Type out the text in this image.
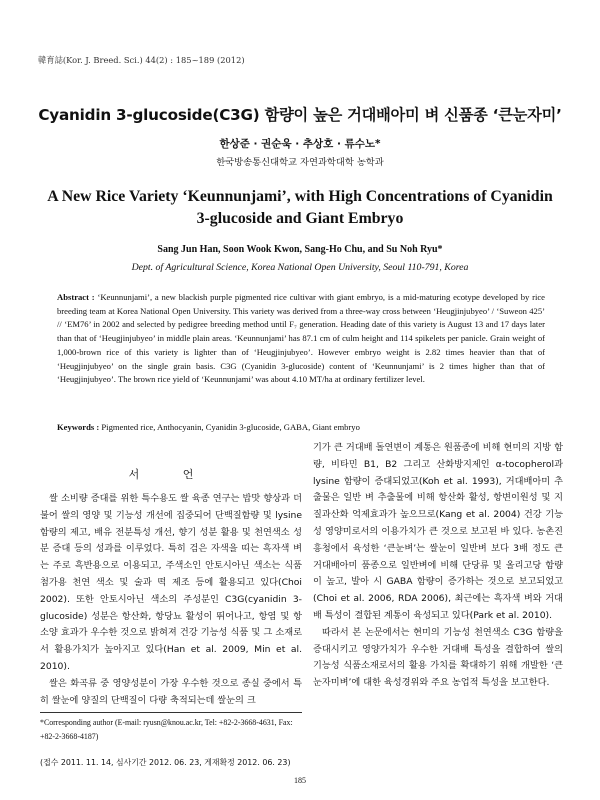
韓育誌(Kor. J. Breed. Sci.) 44(2) : 185~189 (2012)
Cyanidin 3-glucoside(C3G) 함량이 높은 거대배아미 벼 신품종 ‘큰눈자미’
한상준 · 권순욱 · 추상호 · 류수노*
한국방송통신대학교 자연과학대학 농학과
A New Rice Variety ‘Keunnunjami’, with High Concentrations of Cyanidin 3-glucoside and Giant Embryo
Sang Jun Han, Soon Wook Kwon, Sang-Ho Chu, and Su Noh Ryu*
Dept. of Agricultural Science, Korea National Open University, Seoul 110-791, Korea
Abstract : ‘Keunnunjami’, a new blackish purple pigmented rice cultivar with giant embryo, is a mid-maturing ecotype developed by rice breeding team at Korea National Open University. This variety was derived from a three-way cross between ‘Heugjinjubyeo’ / ‘Suweon 425’ // ‘EM76’ in 2002 and selected by pedigree breeding method until F₇ generation. Heading date of this variety is August 13 and 17 days later than that of ‘Heugjinjubyeo’ in middle plain areas. ‘Keunnunjami’ has 87.1 cm of culm height and 114 spikelets per panicle. Grain weight of 1,000-brown rice of this variety is lighter than of ‘Heugjinjubyeo’. However embryo weight is 2.82 times heavier than that of ‘Heugjinjubyeo’ on the single grain basis. C3G (Cyanidin 3-glucoside) content of ‘Keunnunjami’ is 2 times higher than that of ‘Heugjinjubyeo’. The brown rice yield of ‘Keunnunjami’ was about 4.10 MT/ha at ordinary fertilizer level.
Keywords : Pigmented rice, Anthocyanin, Cyanidin 3-glucoside, GABA, Giant embryo
서 언

쌀 소비량 증대를 위한 특수용도 쌀 육종 연구는 밥맛 향상과 더불어 쌀의 영양 및 기능성 개선에 집중되어 단백질함량 및 lysine 함량의 제고, 배유 전분특성 개선, 향기 성분 활용 및 천연색소 성분 증대 등의 성과를 이루었다. 특히 검은 자색을 띠는 흑자색 벼는 주로 흑반용으로 이용되고, 주색소인 안토시아닌 색소는 식품 첨가용 천연 색소 및 술과 떡 제조 등에 활용되고 있다(Choi 2002). 또한 안토시아닌 색소의 주성분인 C3G(cyanidin 3-glucoside) 성분은 항산화, 항당뇨 활성이 뛰어나고, 항염 및 항소양 효과가 우수한 것으로 밝혀져 건강 기능성 식품 및 그 소재로서 활용가치가 높아지고 있다(Han et al. 2009, Min et al. 2010).

쌀은 화곡류 중 영양성분이 가장 우수한 것으로 종실 중에서 특히 쌀눈에 양질의 단백질이 다량 축적되는데 쌀눈의 크

기가 큰 거대배 돌연변이 계통은 원품종에 비해 현미의 지방 함량, 비타민 B1, B2 그리고 산화방지제인 α-tocopherol과 lysine 함량이 증대되었고(Koh et al. 1993), 거대배아미 추출물은 일반 벼 추출물에 비해 항산화 활성, 항변이원성 및 지질과산화 억제효과가 높으므로(Kang et al. 2004) 건강 기능성 영양미로서의 이용가치가 큰 것으로 보고된 바 있다. 농촌진흥청에서 육성한 ‘큰눈벼’는 쌀눈이 일반벼 보다 3배 정도 큰 거대배아미 품종으로 일반벼에 비해 단당류 및 올리고당 함량이 높고, 발아 시 GABA 함량이 증가하는 것으로 보고되었고(Choi et al. 2006, RDA 2006), 최근에는 흑자색 벼와 거대배 특성이 결합된 계통이 육성되고 있다(Park et al. 2010).

따라서 본 논문에서는 현미의 기능성 천연색소 C3G 함량을 증대시키고 영양가치가 우수한 거대배 특성을 결합하여 쌀의 기능성 식품소재로서의 활용 가치를 확대하기 위해 개발한 ‘큰눈자미벼’에 대한 육성경위와 주요 농업적 특성을 보고한다.

*Corresponding author (E-mail: ryusn@knou.ac.kr, Tel: +82-2-3668-4631, Fax: +82-2-3668-4187)
(접수 2011. 11. 14, 심사기간 2012. 06. 23, 게재확정 2012. 06. 23)
185
